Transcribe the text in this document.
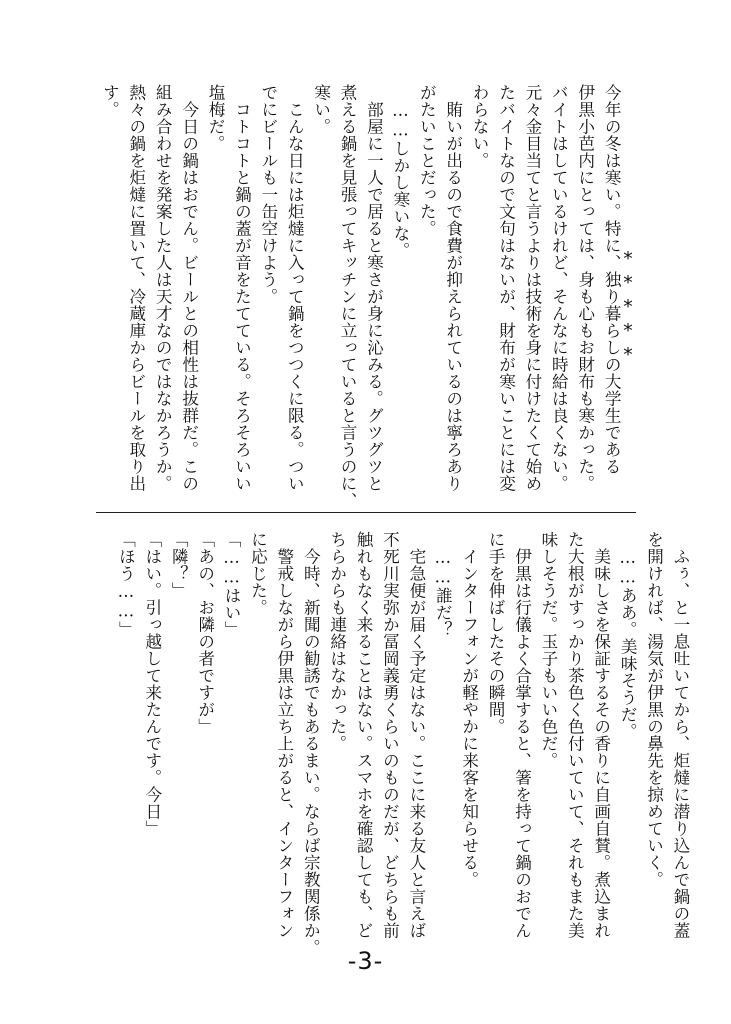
*****
今年の冬は寒い。特に、独り暮らしの大学生である
伊黒小芭内にとっては、身も心もお財布も寒かった。
バイトはしているけれど、そんなに時給は良くない。
元々金目当てと言うよりは技術を身に付けたくて始め
たバイトなので文句はないが、財布が寒いことには変
わらない。
　賄いが出るので食費が抑えられているのは寧ろあり
がたいことだった。
　……しかし寒いな。
　部屋に一人で居ると寒さが身に沁みる。グツグツと
煮える鍋を見張ってキッチンに立っていると言うのに、
寒い。
　こんな日には炬燵に入って鍋をつつくに限る。つい
でにビールも一缶空けよう。
　コトコトと鍋の蓋が音をたてている。そろそろいい
塩梅だ。
　今日の鍋はおでん。ビールとの相性は抜群だ。この
組み合わせを発案した人は天才なのではなかろうか。
熱々の鍋を炬燵に置いて、冷蔵庫からビールを取り出
す。
　ふぅ、と一息吐いてから、炬燵に潜り込んで鍋の蓋
を開ければ、湯気が伊黒の鼻先を掠めていく。
　……ああ。美味そうだ。
　美味しさを保証するその香りに自画自賛。煮込まれ
た大根がすっかり茶色く色付いていて、それもまた美
味しそうだ。玉子もいい色だ。
　伊黒は行儀よく合掌すると、箸を持って鍋のおでん
に手を伸ばしたその瞬間。
　インターフォンが軽やかに来客を知らせる。
　……誰だ？
　宅急便が届く予定はない。ここに来る友人と言えば
不死川実弥か冨岡義勇くらいのものだが、どちらも前
触れもなく来ることはない。スマホを確認しても、ど
ちらからも連絡はなかった。
　今時、新聞の勧誘でもあるまい。ならば宗教関係か。
　警戒しながら伊黒は立ち上がると、インターフォン
に応じた。
「……はい」
「あの、お隣の者ですが」
「隣？」
「はい。引っ越して来たんです。今日」
「ほう……」
-3-
